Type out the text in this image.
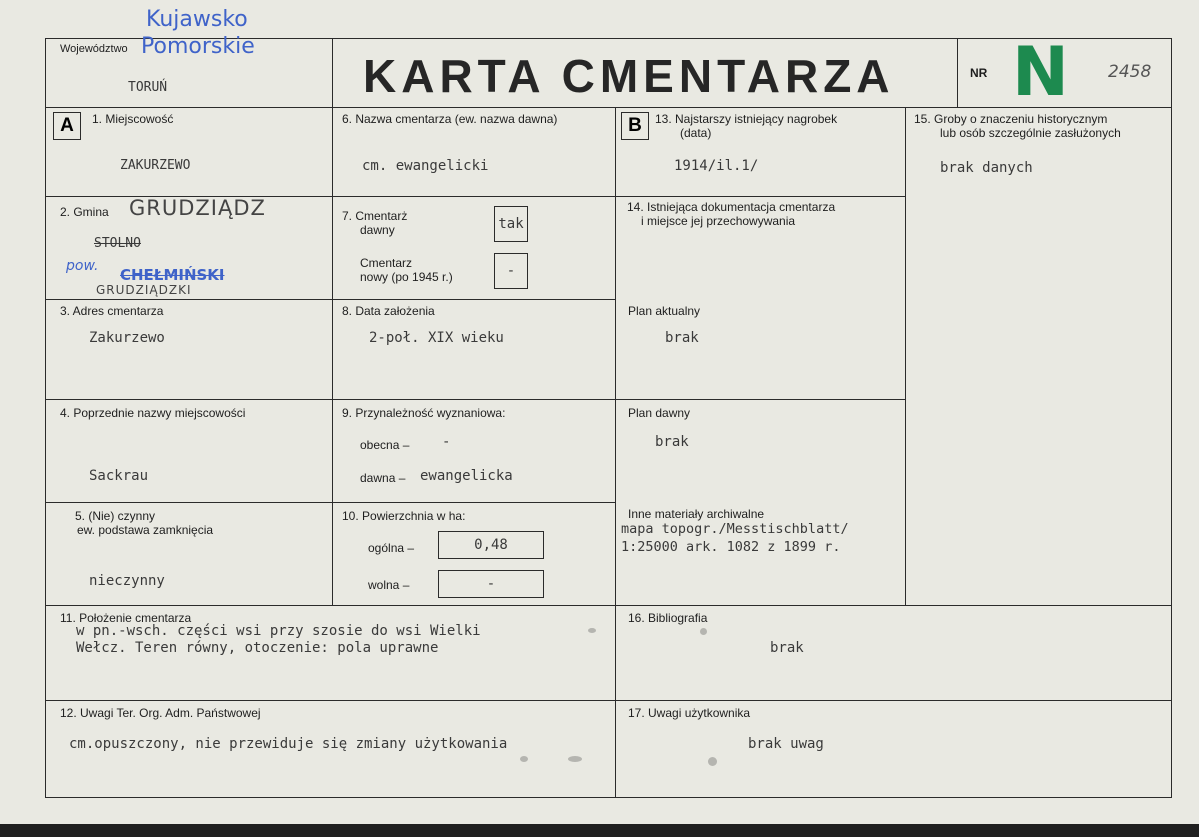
Województwo
Kujawsko
Pomorskie
TORUŃ	KARTA CMENTARZA	NR N 2458
A	1. Miejscowość
ZAKURZEWO
2. Gmina GRUDZIĄDZ
STOLNO
pow. CHEŁMIŃSKI
GRUDZIĄDZKI
3. Adres cmentarza
Zakurzewo
4. Poprzednie nazwy miejscowości
Sackrau
5. (Nie) czynny
ew. podstawa zamknięcia
nieczynny
6. Nazwa cmentarza (ew. nazwa dawna)
cm. ewangelicki
7. Cmentarż
dawny	tak
Cmentarz
nowy (po 1945 r.)	-
8. Data założenia
2-poł. XIX wieku
9. Przynależność wyznaniowa:
obecna – -
dawna – ewangelicka
10. Powierzchnia w ha:
ogólna –	0,48
wolna –	-
B	13. Najstarszy istniejący nagrobek
(data)
1914/il.1/
14. Istniejąca dokumentacja cmentarza
i miejsce jej przechowywania
Plan aktualny
brak
Plan dawny
brak
Inne materiały archiwalne
mapa topogr./Messtischblatt/
1:25000 ark. 1082 z 1899 r.
15. Groby o znaczeniu historycznym
lub osób szczególnie zasłużonych
brak danych
11. Położenie cmentarza
w pn.-wsch. części wsi przy szosie do wsi Wielki
Wełcz. Teren równy, otoczenie: pola uprawne
16. Bibliografia
brak
12. Uwagi Ter. Org. Adm. Państwowej
cm.opuszczony, nie przewiduje się zmiany użytkowania
17. Uwagi użytkownika
brak uwag
